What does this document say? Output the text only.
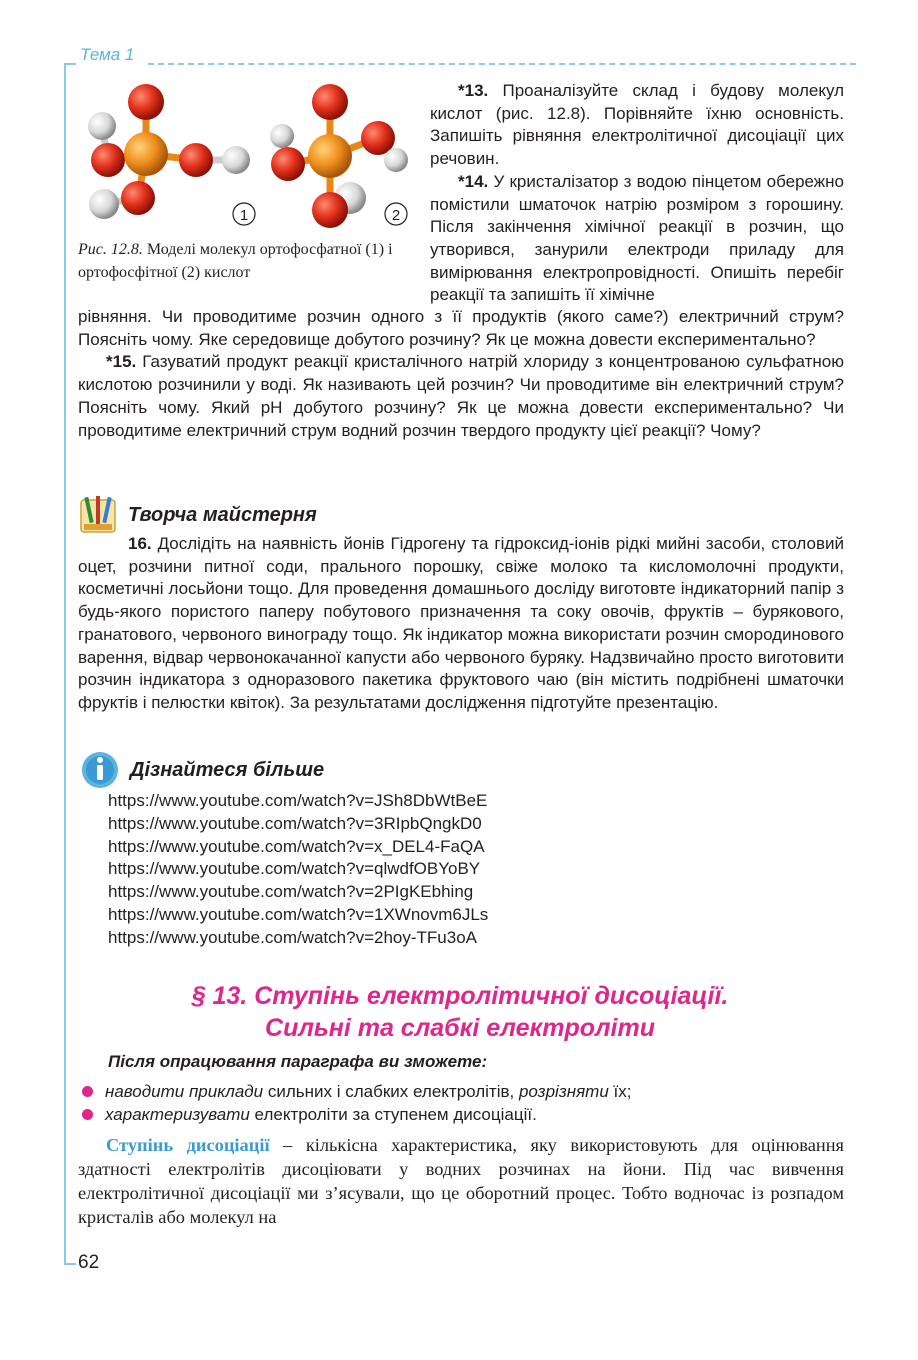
Тема 1
1	2
Рис. 12.8. Моделі молекул ортофосфатної (1) і ортофосфітної (2) кислот

*13. Проаналізуйте склад і будову молекул кислот (рис. 12.8). Порівняйте їхню основність. Запишіть рівняння електролітичної дисоціації цих речовин.

*14. У кристалізатор з водою пінцетом обережно помістили шматочок натрію розміром з горошину. Після закінчення хімічної реакції в розчин, що утворився, занурили електроди приладу для вимірювання електропровідності. Опишіть перебіг реакції та запишіть її хімічне

рівняння. Чи проводитиме розчин одного з її продуктів (якого саме?) електричний струм? Поясніть чому. Яке середовище добутого розчину? Як це можна довести експериментально?

*15. Газуватий продукт реакції кристалічного натрій хлориду з концентрованою сульфатною кислотою розчинили у воді. Як називають цей розчин? Чи проводитиме він електричний струм? Поясніть чому. Який pH добутого розчину? Як це можна довести експериментально? Чи проводитиме електричний струм водний розчин твердого продукту цієї реакції? Чому?

Творча майстерня

16. Дослідіть на наявність йонів Гідрогену та гідроксид-іонів рідкі мийні засоби, столовий оцет, розчини питної соди, прального порошку, свіже молоко та кисломолочні продукти, косметичні лосьйони тощо. Для проведення домашнього досліду виготовте індикаторний папір з будь-якого пористого паперу побутового призначення та соку овочів, фруктів – бурякового, гранатового, червоного винограду тощо. Як індикатор можна використати розчин смородинового варення, відвар червонокачанної капусти або червоного буряку. Надзвичайно просто виготовити розчин індикатора з одноразового пакетика фруктового чаю (він містить подрібнені шматочки фруктів і пелюстки квіток). За результатами дослідження підготуйте презентацію.

Дізнайтеся більше
https://www.youtube.com/watch?v=JSh8DbWtBeE
https://www.youtube.com/watch?v=3RIpbQngkD0
https://www.youtube.com/watch?v=x_DEL4-FaQA
https://www.youtube.com/watch?v=qlwdfOBYoBY
https://www.youtube.com/watch?v=2PIgKEbhing
https://www.youtube.com/watch?v=1XWnovm6JLs
https://www.youtube.com/watch?v=2hoy-TFu3oA
§ 13. Ступінь електролітичної дисоціації.
Сильні та слабкі електроліти
Після опрацювання параграфа ви зможете:
наводити приклади сильних і слабких електролітів, розрізняти їх;
характеризувати електроліти за ступенем дисоціації.
Ступінь дисоціації – кількісна характеристика, яку використовують для оцінювання здатності електролітів дисоціювати у водних розчинах на йони. Під час вивчення електролітичної дисоціації ми з’ясували, що це оборотний процес. Тобто водночас із розпадом кристалів або молекул на
62
